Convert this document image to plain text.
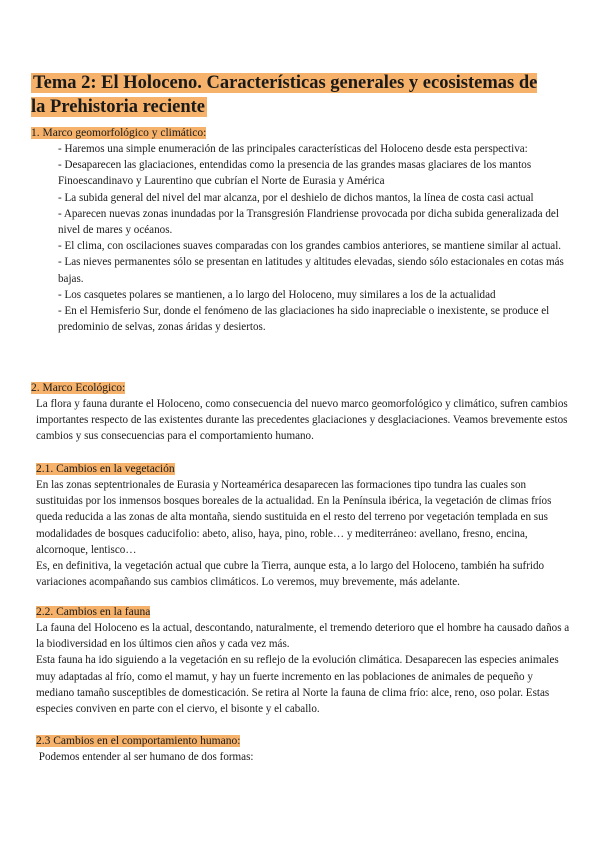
Tema 2: El Holoceno. Características generales y ecosistemas de la Prehistoria reciente
1. Marco geomorfológico y climático:
- Haremos una simple enumeración de las principales características del Holoceno desde esta perspectiva:
- Desaparecen las glaciaciones, entendidas como la presencia de las grandes masas glaciares de los mantos Finoescandinavo y Laurentino que cubrían el Norte de Eurasia y América
- La subida general del nivel del mar alcanza, por el deshielo de dichos mantos, la línea de costa casi actual
- Aparecen nuevas zonas inundadas por la Transgresión Flandriense provocada por dicha subida generalizada del nivel de mares y océanos.
- El clima, con oscilaciones suaves comparadas con los grandes cambios anteriores, se mantiene similar al actual.
- Las nieves permanentes sólo se presentan en latitudes y altitudes elevadas, siendo sólo estacionales en cotas más bajas.
- Los casquetes polares se mantienen, a lo largo del Holoceno, muy similares a los de la actualidad
- En el Hemisferio Sur, donde el fenómeno de las glaciaciones ha sido inapreciable o inexistente, se produce el predominio de selvas, zonas áridas y desiertos.
2. Marco Ecológico:
La flora y fauna durante el Holoceno, como consecuencia del nuevo marco geomorfológico y climático, sufren cambios importantes respecto de las existentes durante las precedentes glaciaciones y desglaciaciones. Veamos brevemente estos cambios y sus consecuencias para el comportamiento humano.
2.1. Cambios en la vegetación
En las zonas septentrionales de Eurasia y Norteamérica desaparecen las formaciones tipo tundra las cuales son sustituidas por los inmensos bosques boreales de la actualidad. En la Península ibérica, la vegetación de climas fríos queda reducida a las zonas de alta montaña, siendo sustituida en el resto del terreno por vegetación templada en sus modalidades de bosques caducifolio: abeto, aliso, haya, pino, roble… y mediterráneo: avellano, fresno, encina, alcornoque, lentisco…
Es, en definitiva, la vegetación actual que cubre la Tierra, aunque esta, a lo largo del Holoceno, también ha sufrido variaciones acompañando sus cambios climáticos. Lo veremos, muy brevemente, más adelante.
2.2. Cambios en la fauna
La fauna del Holoceno es la actual, descontando, naturalmente, el tremendo deterioro que el hombre ha causado daños a la biodiversidad en los últimos cien años y cada vez más.
Esta fauna ha ido siguiendo a la vegetación en su reflejo de la evolución climática. Desaparecen las especies animales muy adaptadas al frío, como el mamut, y hay un fuerte incremento en las poblaciones de animales de pequeño y mediano tamaño susceptibles de domesticación. Se retira al Norte la fauna de clima frío: alce, reno, oso polar. Estas especies conviven en parte con el ciervo, el bisonte y el caballo.
2.3 Cambios en el comportamiento humano:
Podemos entender al ser humano de dos formas:
